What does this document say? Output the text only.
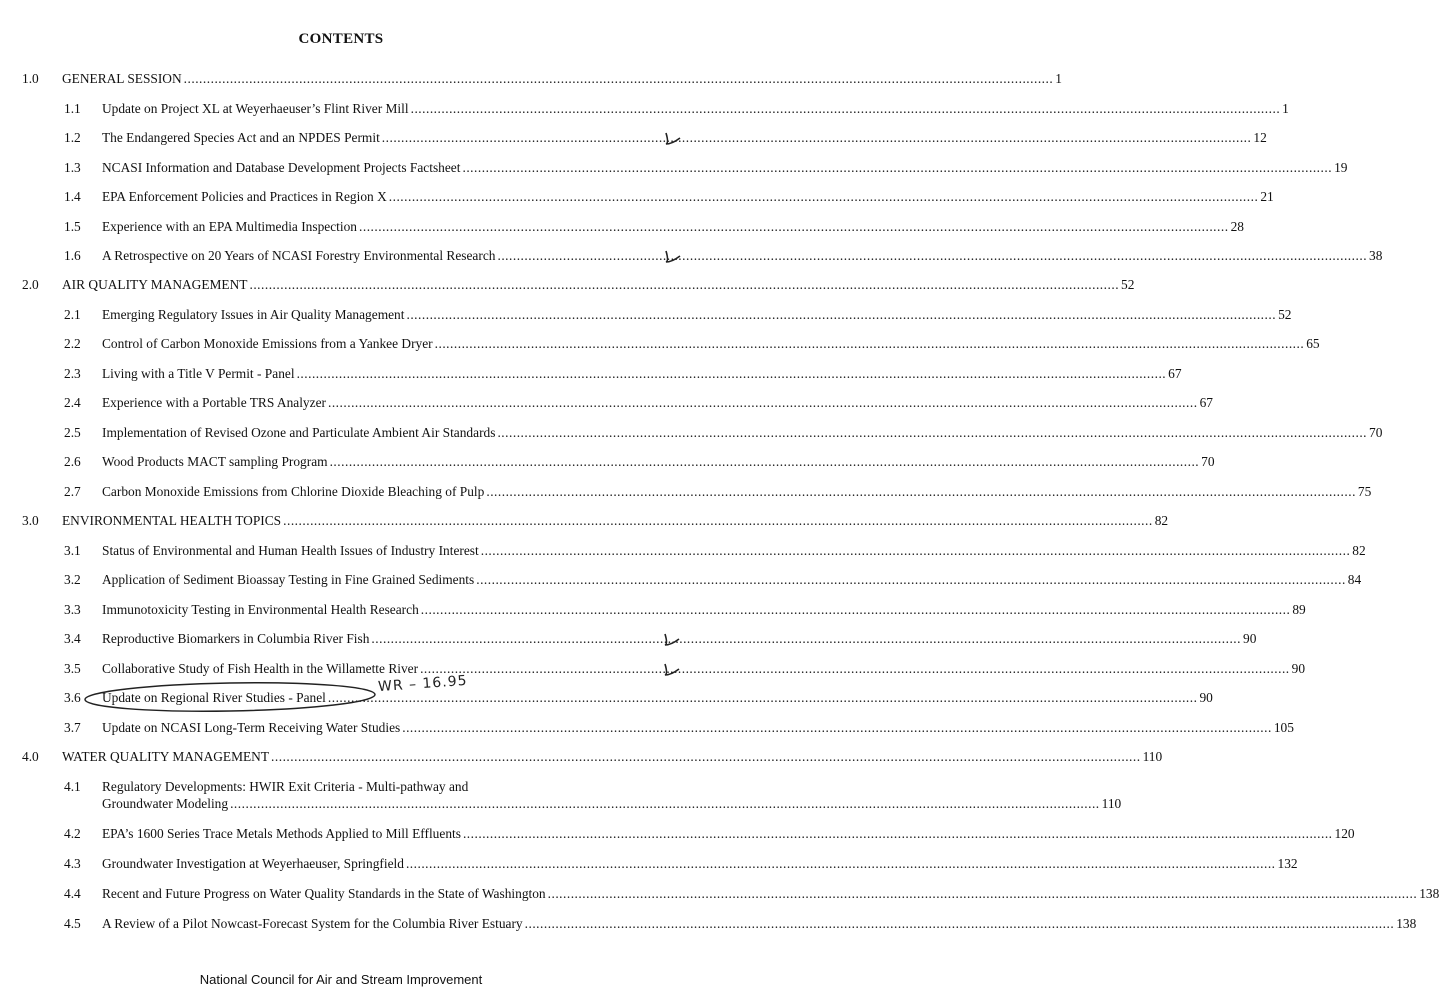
CONTENTS
1.0	GENERAL SESSION .....	1
1.1	Update on Project XL at Weyerhaeuser’s Flint River Mill .....	1
1.2	The Endangered Species Act and an NPDES Permit .....	12
1.3	NCASI Information and Database Development Projects Factsheet .....	19
1.4	EPA Enforcement Policies and Practices in Region X .....	21
1.5	Experience with an EPA Multimedia Inspection .....	28
1.6	A Retrospective on 20 Years of NCASI Forestry Environmental Research .....	38
2.0	AIR QUALITY MANAGEMENT .....	52
2.1	Emerging Regulatory Issues in Air Quality Management .....	52
2.2	Control of Carbon Monoxide Emissions from a Yankee Dryer .....	65
2.3	Living with a Title V Permit - Panel .....	67
2.4	Experience with a Portable TRS Analyzer .....	67
2.5	Implementation of Revised Ozone and Particulate Ambient Air Standards .....	70
2.6	Wood Products MACT sampling Program .....	70
2.7	Carbon Monoxide Emissions from Chlorine Dioxide Bleaching of Pulp .....	75
3.0	ENVIRONMENTAL HEALTH TOPICS .....	82
3.1	Status of Environmental and Human Health Issues of Industry Interest .....	82
3.2	Application of Sediment Bioassay Testing in Fine Grained Sediments .....	84
3.3	Immunotoxicity Testing in Environmental Health Research .....	89
3.4	Reproductive Biomarkers in Columbia River Fish .....	90
3.5	Collaborative Study of Fish Health in the Willamette River .....	90
3.6	Update on Regional River Studies - Panel .....	90
3.7	Update on NCASI Long-Term Receiving Water Studies .....	105
4.0	WATER QUALITY MANAGEMENT .....	110
4.1	Regulatory Developments: HWIR Exit Criteria - Multi-pathway and
Groundwater Modeling .....	110
4.2	EPA’s 1600 Series Trace Metals Methods Applied to Mill Effluents .....	120
4.3	Groundwater Investigation at Weyerhaeuser, Springfield .....	132
4.4	Recent and Future Progress on Water Quality Standards in the State of Washington .....	138
4.5	A Review of a Pilot Nowcast-Forecast System for the Columbia River Estuary .....	138
WR – 16.95
National Council for Air and Stream Improvement
